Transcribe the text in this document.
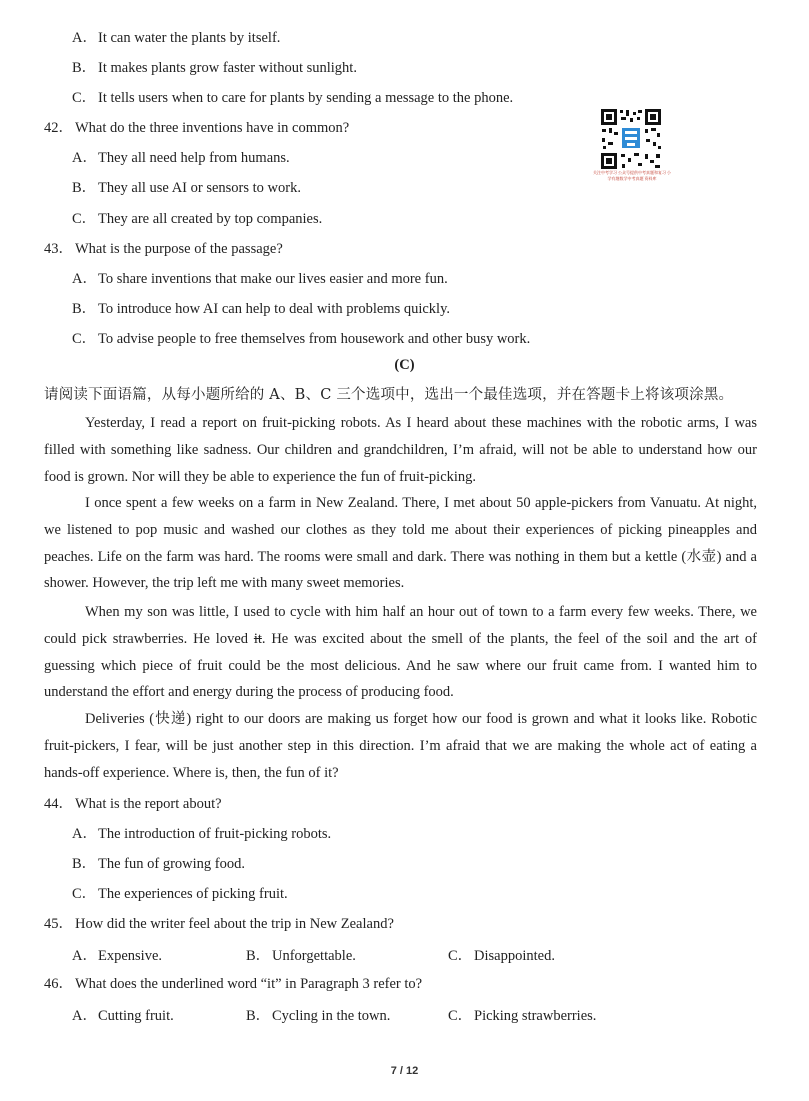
A．It can water the plants by itself.
B． It makes plants grow faster without sunlight.
C． It tells users when to care for plants by sending a message to the phone.
42． What do the three inventions have in common?
A．They all need help from humans.
B． They all use AI or sensors to work.
C． They are all created by top companies.
关注中考学习 公众号提供中考真题和复习 小学有趣数学中考真题 资料库
43． What is the purpose of the passage?
A．To share inventions that make our lives easier and more fun.
B． To introduce how AI can help to deal with problems quickly.
C． To advise people to free themselves from housework and other busy work.
(C)
请阅读下面语篇，从每小题所给的 A、B、C 三个选项中，选出一个最佳选项，并在答题卡上将该项涂黑。
Yesterday, I read a report on fruit-picking robots. As I heard about these machines with the robotic arms, I was filled with something like sadness. Our children and grandchildren, I’m afraid, will not be able to understand how our food is grown. Nor will they be able to experience the fun of fruit-picking.
I once spent a few weeks on a farm in New Zealand. There, I met about 50 apple-pickers from Vanuatu. At night, we listened to pop music and washed our clothes as they told me about their experiences of picking pineapples and peaches. Life on the farm was hard. The rooms were small and dark. There was nothing in them but a kettle (水壶) and a shower. However, the trip left me with many sweet memories.
When my son was little, I used to cycle with him half an hour out of town to a farm every few weeks. There, we could pick strawberries. He loved it. He was excited about the smell of the plants, the feel of the soil and the art of guessing which piece of fruit could be the most delicious. And he saw where our fruit came from. I wanted him to understand the effort and energy during the process of producing food.
Deliveries (快递) right to our doors are making us forget how our food is grown and what it looks like. Robotic fruit-pickers, I fear, will be just another step in this direction. I’m afraid that we are making the whole act of eating a hands-off experience. Where is, then, the fun of it?
44． What is the report about?
A．The introduction of fruit-picking robots.
B． The fun of growing food.
C． The experiences of picking fruit.
45． How did the writer feel about the trip in New Zealand?
A．Expensive.	B． Unforgettable.	C． Disappointed.
46． What does the underlined word “it” in Paragraph 3 refer to?
A．Cutting fruit.	B． Cycling in the town.	C． Picking strawberries.
7 / 12
